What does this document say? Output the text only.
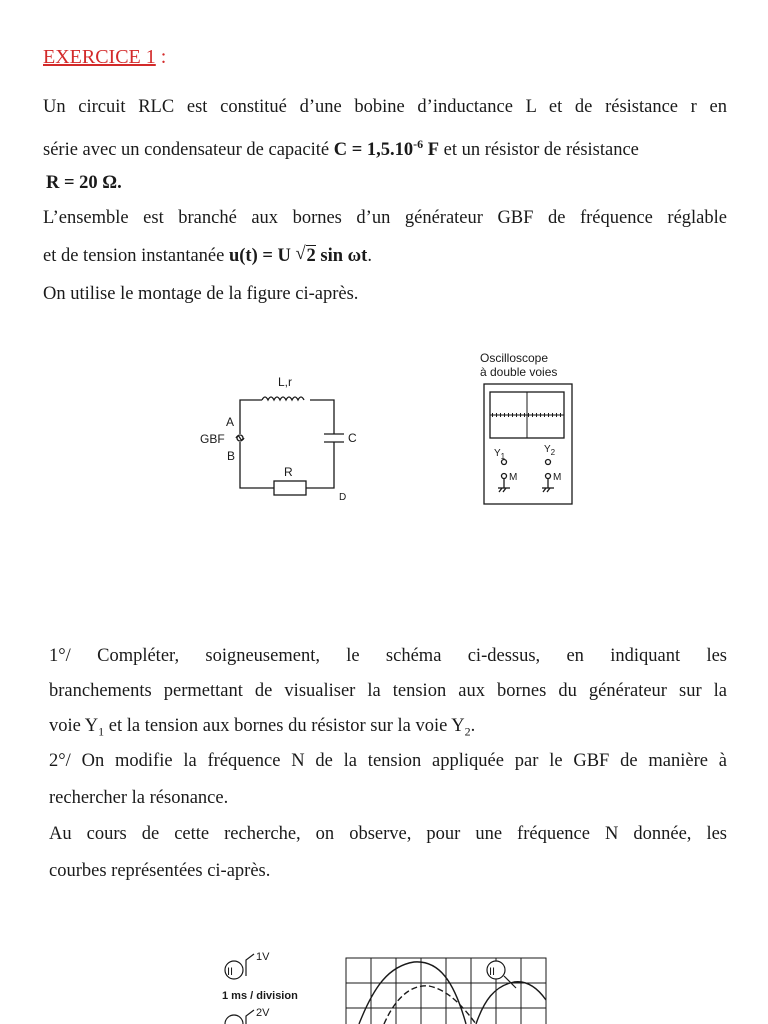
EXERCICE 1 :
Un circuit RLC est constitué d’une bobine d’inductance L et de résistance r en
série avec un condensateur de capacité $C = 1,5.10^{-6}$ F et un résistor de résistance
R = 20 Ω.
L’ensemble est branché aux bornes d’un générateur GBF de fréquence réglable
et de tension instantanée u(t) = U √ 2 sin ωt.
On utilise le montage de la figure ci-après.
L,r
A
GBF
B
C
R
D
Oscilloscope
à double voies
$Y_1$
$Y_2$
M	M
1°/ Compléter, soigneusement, le schéma ci-dessus, en indiquant les
branchements permettant de visualiser la tension aux bornes du générateur sur la
voie $Y_1$ et la tension aux bornes du résistor sur la voie $Y_2$.
2°/ On modifie la fréquence N de la tension appliquée par le GBF de manière à
rechercher la résonance.
Au cours de cette recherche, on observe, pour une fréquence N donnée, les
courbes représentées ci-après.
II
1V
1 ms / division
2V
II
